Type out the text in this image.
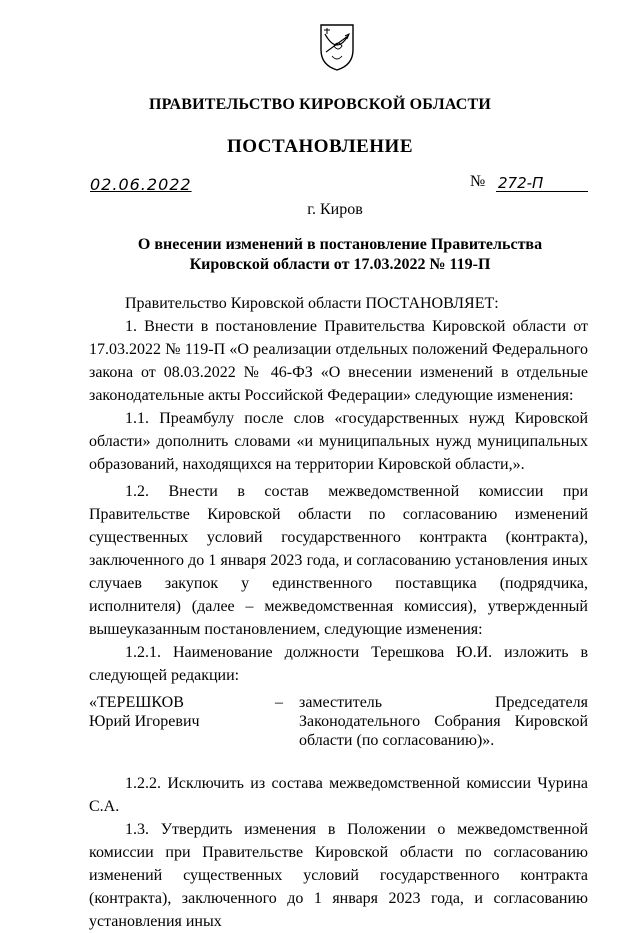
ПРАВИТЕЛЬСТВО КИРОВСКОЙ ОБЛАСТИ
ПОСТАНОВЛЕНИЕ
02.06.2022	№ 272-П
г. Киров
О внесении изменений в постановление Правительства
Кировской области от 17.03.2022 № 119-П

Правительство Кировской области ПОСТАНОВЛЯЕТ:

1. Внести в постановление Правительства Кировской области от 17.03.2022 № 119-П «О реализации отдельных положений Федерального закона от 08.03.2022 № 46-ФЗ «О внесении изменений в отдельные законодательные акты Российской Федерации» следующие изменения:

1.1. Преамбулу после слов «государственных нужд Кировской области» дополнить словами «и муниципальных нужд муниципальных образований, находящихся на территории Кировской области,».

1.2. Внести в состав межведомственной комиссии при Правительстве Кировской области по согласованию изменений существенных условий государственного контракта (контракта), заключенного до 1 января 2023 года, и согласованию установления иных случаев закупок у единственного поставщика (подрядчика, исполнителя) (далее – межведомственная комиссия), утвержденный вышеуказанным постановлением, следующие изменения:

1.2.1. Наименование должности Терешкова Ю.И. изложить в следующей редакции:

«ТЕРЕШКОВ
Юрий Игоревич
–	заместитель Председателя Законодательного Собрания Кировской области (по согласованию)».

1.2.2. Исключить из состава межведомственной комиссии Чурина С.А.

1.3. Утвердить изменения в Положении о межведомственной комиссии при Правительстве Кировской области по согласованию изменений существенных условий государственного контракта (контракта), заключенного до 1 января 2023 года, и согласованию установления иных
